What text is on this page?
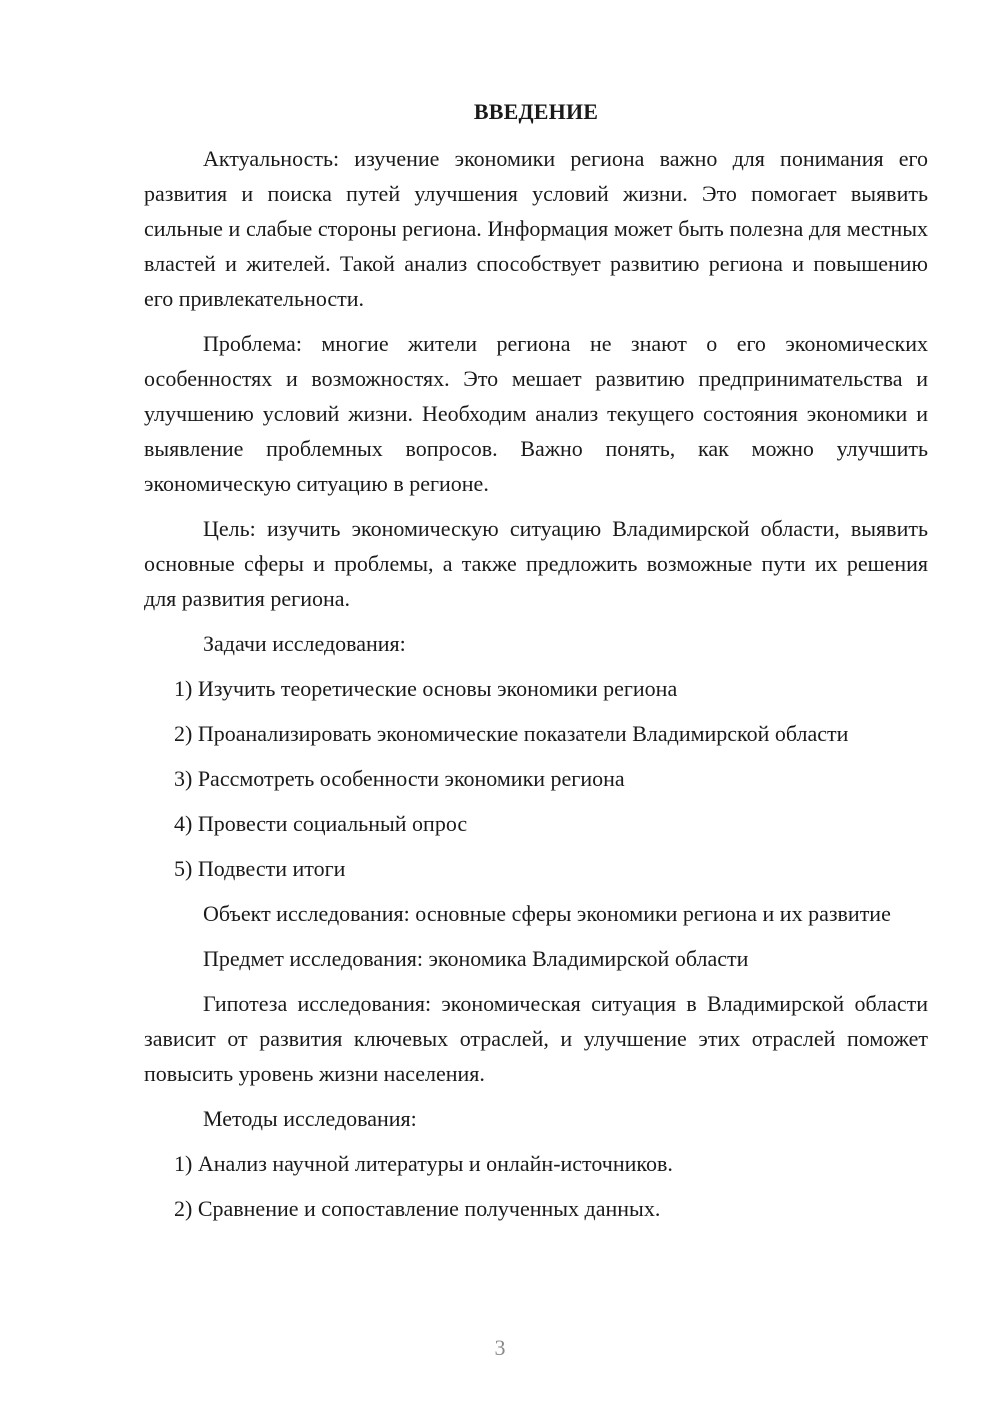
ВВЕДЕНИЕ

Актуальность: изучение экономики региона важно для понимания его развития и поиска путей улучшения условий жизни. Это помогает выявить сильные и слабые стороны региона. Информация может быть полезна для местных властей и жителей. Такой анализ способствует развитию региона и повышению его привлекательности.

Проблема: многие жители региона не знают о его экономических особенностях и возможностях. Это мешает развитию предпринимательства и улучшению условий жизни. Необходим анализ текущего состояния экономики и выявление проблемных вопросов. Важно понять, как можно улучшить экономическую ситуацию в регионе.

Цель: изучить экономическую ситуацию Владимирской области, выявить основные сферы и проблемы, а также предложить возможные пути их решения для развития региона.

Задачи исследования:

1) Изучить теоретические основы экономики региона

2) Проанализировать экономические показатели Владимирской области

3) Рассмотреть особенности экономики региона

4) Провести социальный опрос

5) Подвести итоги

Объект исследования: основные сферы экономики региона и их развитие

Предмет исследования: экономика Владимирской области

Гипотеза исследования: экономическая ситуация в Владимирской области зависит от развития ключевых отраслей, и улучшение этих отраслей поможет повысить уровень жизни населения.

Методы исследования:

1) Анализ научной литературы и онлайн-источников.

2) Сравнение и сопоставление полученных данных.

3
